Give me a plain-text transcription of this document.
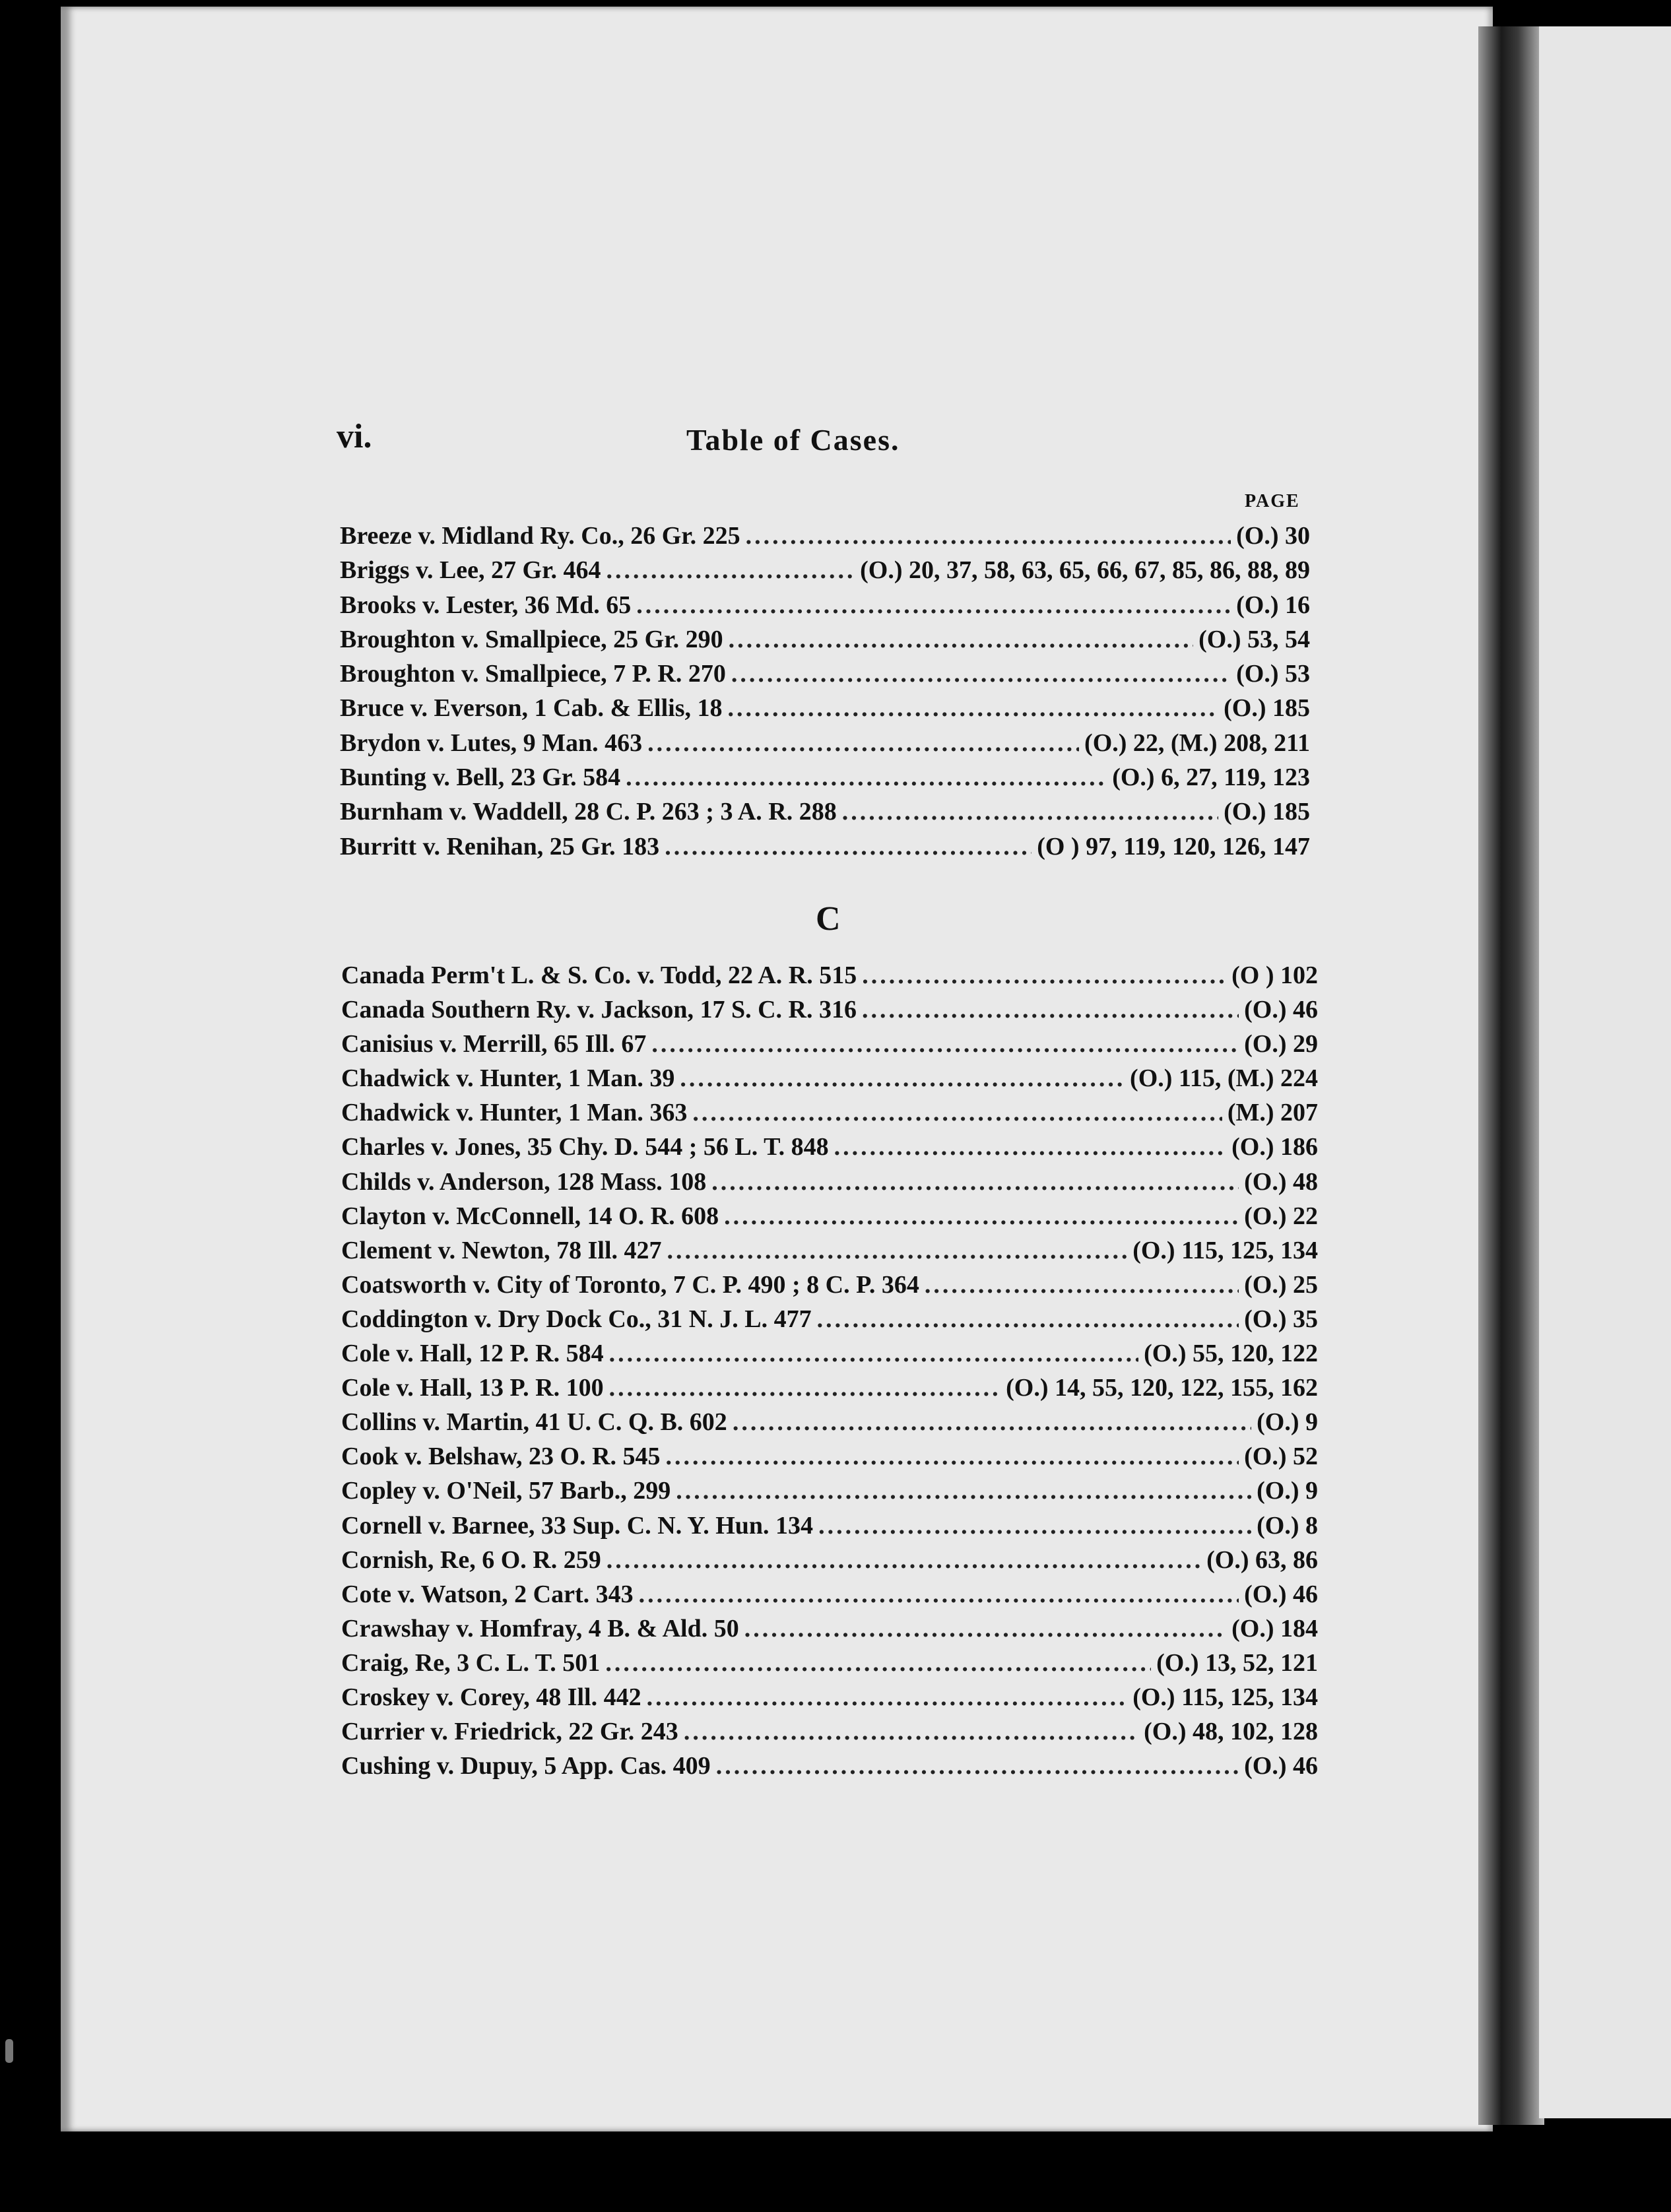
vi.	Table of Cases.
PAGE
Breeze v. Midland Ry. Co., 26 Gr. 225 .....	(O.) 30
Briggs v. Lee, 27 Gr. 464 .....	(O.) 20, 37, 58, 63, 65, 66, 67, 85, 86, 88, 89
Brooks v. Lester, 36 Md. 65 .....	(O.) 16
Broughton v. Smallpiece, 25 Gr. 290 .....	(O.) 53, 54
Broughton v. Smallpiece, 7 P. R. 270 .....	(O.) 53
Bruce v. Everson, 1 Cab. & Ellis, 18 .....	(O.) 185
Brydon v. Lutes, 9 Man. 463 .....	(O.) 22, (M.) 208, 211
Bunting v. Bell, 23 Gr. 584 .....	(O.) 6, 27, 119, 123
Burnham v. Waddell, 28 C. P. 263 ; 3 A. R. 288 .....	(O.) 185
Burritt v. Renihan, 25 Gr. 183 .....	(O ) 97, 119, 120, 126, 147
C
Canada Perm't L. & S. Co. v. Todd, 22 A. R. 515 .....	(O ) 102
Canada Southern Ry. v. Jackson, 17 S. C. R. 316 .....	(O.) 46
Canisius v. Merrill, 65 Ill. 67 .....	(O.) 29
Chadwick v. Hunter, 1 Man. 39 .....	(O.) 115, (M.) 224
Chadwick v. Hunter, 1 Man. 363 .....	(M.) 207
Charles v. Jones, 35 Chy. D. 544 ; 56 L. T. 848 .....	(O.) 186
Childs v. Anderson, 128 Mass. 108 .....	(O.) 48
Clayton v. McConnell, 14 O. R. 608 .....	(O.) 22
Clement v. Newton, 78 Ill. 427 .....	(O.) 115, 125, 134
Coatsworth v. City of Toronto, 7 C. P. 490 ; 8 C. P. 364 .....	(O.) 25
Coddington v. Dry Dock Co., 31 N. J. L. 477 .....	(O.) 35
Cole v. Hall, 12 P. R. 584 .....	(O.) 55, 120, 122
Cole v. Hall, 13 P. R. 100 .....	(O.) 14, 55, 120, 122, 155, 162
Collins v. Martin, 41 U. C. Q. B. 602 .....	(O.) 9
Cook v. Belshaw, 23 O. R. 545 .....	(O.) 52
Copley v. O'Neil, 57 Barb., 299 .....	(O.) 9
Cornell v. Barnee, 33 Sup. C. N. Y. Hun. 134 .....	(O.) 8
Cornish, Re, 6 O. R. 259 .....	(O.) 63, 86
Cote v. Watson, 2 Cart. 343 .....	(O.) 46
Crawshay v. Homfray, 4 B. & Ald. 50 .....	(O.) 184
Craig, Re, 3 C. L. T. 501 .....	(O.) 13, 52, 121
Croskey v. Corey, 48 Ill. 442 .....	(O.) 115, 125, 134
Currier v. Friedrick, 22 Gr. 243 .....	(O.) 48, 102, 128
Cushing v. Dupuy, 5 App. Cas. 409 .....	(O.) 46
